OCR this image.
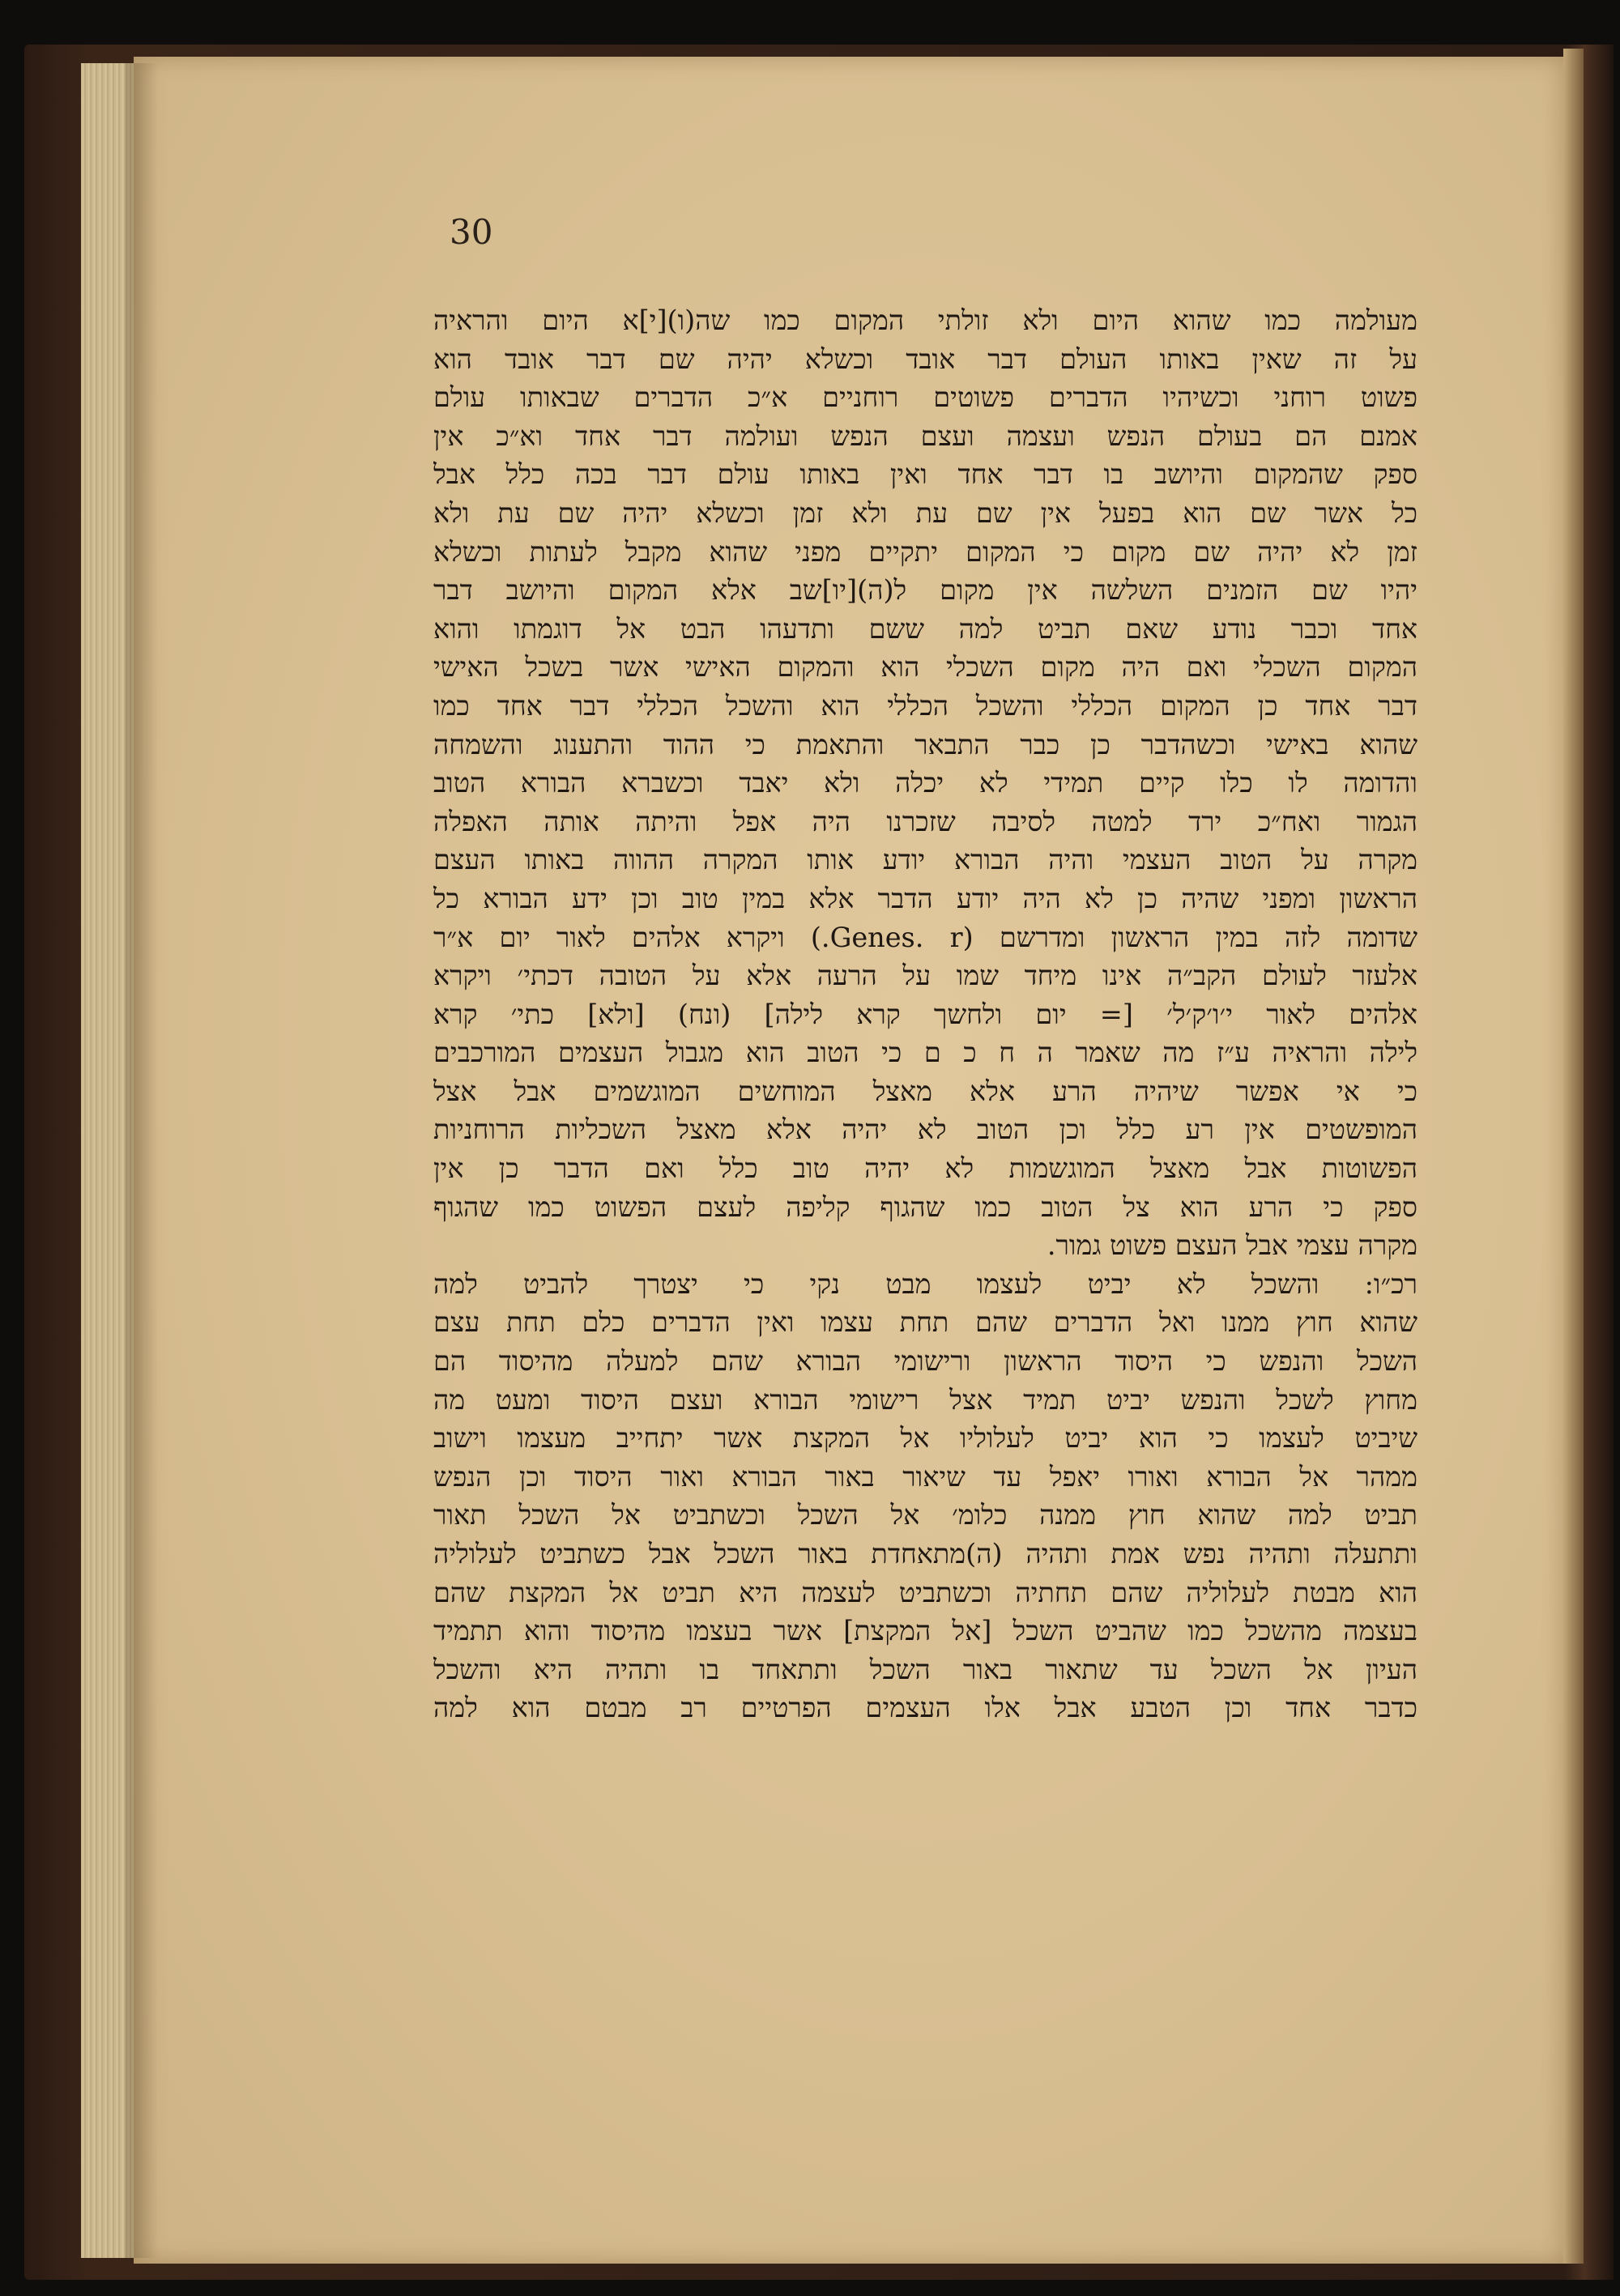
30

מעולמה כמו שהוא היום ולא זולתי המקום כמו שה(ו)[י]א היום והראיה
על זה שאין באותו העולם דבר אובד וכשלא יהיה שם דבר אובד הוא
פשוט רוחני וכשיהיו הדברים פשוטים רוחניים א״כ הדברים שבאותו עולם
אמנם הם בעולם הנפש ועצמה ועצם הנפש ועולמה דבר אחד וא״כ אין
ספק שהמקום והיושב בו דבר אחד ואין באותו עולם דבר בכה כלל אבל
כל אשר שם הוא בפעל אין שם עת ולא זמן וכשלא יהיה שם עת ולא
זמן לא יהיה שם מקום כי המקום יתקיים מפני שהוא מקבל לעתות וכשלא
יהיו שם הזמנים השלשה אין מקום ל(ה)[יו]שב אלא המקום והיושב דבר
אחד וכבר נודע שאם תביט למה ששם ותדעהו הבט אל דוגמתו והוא
המקום השכלי ואם היה מקום השכלי הוא והמקום האישי אשר בשכל האישי
דבר אחד כן המקום הכללי והשכל הכללי הוא והשכל הכללי דבר אחד כמו
שהוא באישי וכשהדבר כן כבר התבאר והתאמת כי ההוד והתענוג והשמחה
והדומה לו כלו קיים תמידי לא יכלה ולא יאבד וכשברא הבורא הטוב
הגמור ואח״כ ירד למטה לסיבה שזכרנו היה אפל והיתה אותה האפלה
מקרה על הטוב העצמי והיה הבורא יודע אותו המקרה ההווה באותו העצם
הראשון ומפני שהיה כן לא היה יודע הדבר אלא במין טוב וכן ידע הבורא כל
שדומה לזה במין הראשון ומדרשם (Genes. r.) ויקרא אלהים לאור יום א״ר
אלעזר לעולם הקב״ה אינו מיחד שמו על הרעה אלא על הטובה דכתי׳ ויקרא
אלהים לאור י׳ו׳ק׳ל׳ [= יום ולחשך קרא לילה] (ונח) [ולא] כתי׳ קרא
לילה והראיה ע״ז מה שאמר ה ח כ ם כי הטוב הוא מגבול העצמים המורכבים
כי אי אפשר שיהיה הרע אלא מאצל המוחשים המוגשמים אבל אצל
המופשטים אין רע כלל וכן הטוב לא יהיה אלא מאצל השכליות הרוחניות
הפשוטות אבל מאצל המוגשמות לא יהיה טוב כלל ואם הדבר כן אין
ספק כי הרע הוא צל הטוב כמו שהגוף קליפה לעצם הפשוט כמו שהגוף
מקרה עצמי אבל העצם פשוט גמור.
רכ״ו: והשכל לא יביט לעצמו מבט נקי כי יצטרך להביט למה
שהוא חוץ ממנו ואל הדברים שהם תחת עצמו ואין הדברים כלם תחת עצם
השכל והנפש כי היסוד הראשון ורישומי הבורא שהם למעלה מהיסוד הם
מחוץ לשכל והנפש יביט תמיד אצל רישומי הבורא ועצם היסוד ומעט מה
שיביט לעצמו כי הוא יביט לעלוליו אל המקצת אשר יתחייב מעצמו וישוב
ממהר אל הבורא ואורו יאפל עד שיאור באור הבורא ואור היסוד וכן הנפש
תביט למה שהוא חוץ ממנה כלומ׳ אל השכל וכשתביט אל השכל תאור
ותתעלה ותהיה נפש אמת ותהיה (ה)מתאחדת באור השכל אבל כשתביט לעלוליה
הוא מבטת לעלוליה שהם תחתיה וכשתביט לעצמה היא תביט אל המקצת שהם
בעצמה מהשכל כמו שהביט השכל [אל המקצת] אשר בעצמו מהיסוד והוא תתמיד
העיון אל השכל עד שתאור באור השכל ותתאחד בו ותהיה היא והשכל
כדבר אחד וכן הטבע אבל אלו העצמים הפרטיים רב מבטם הוא למה
